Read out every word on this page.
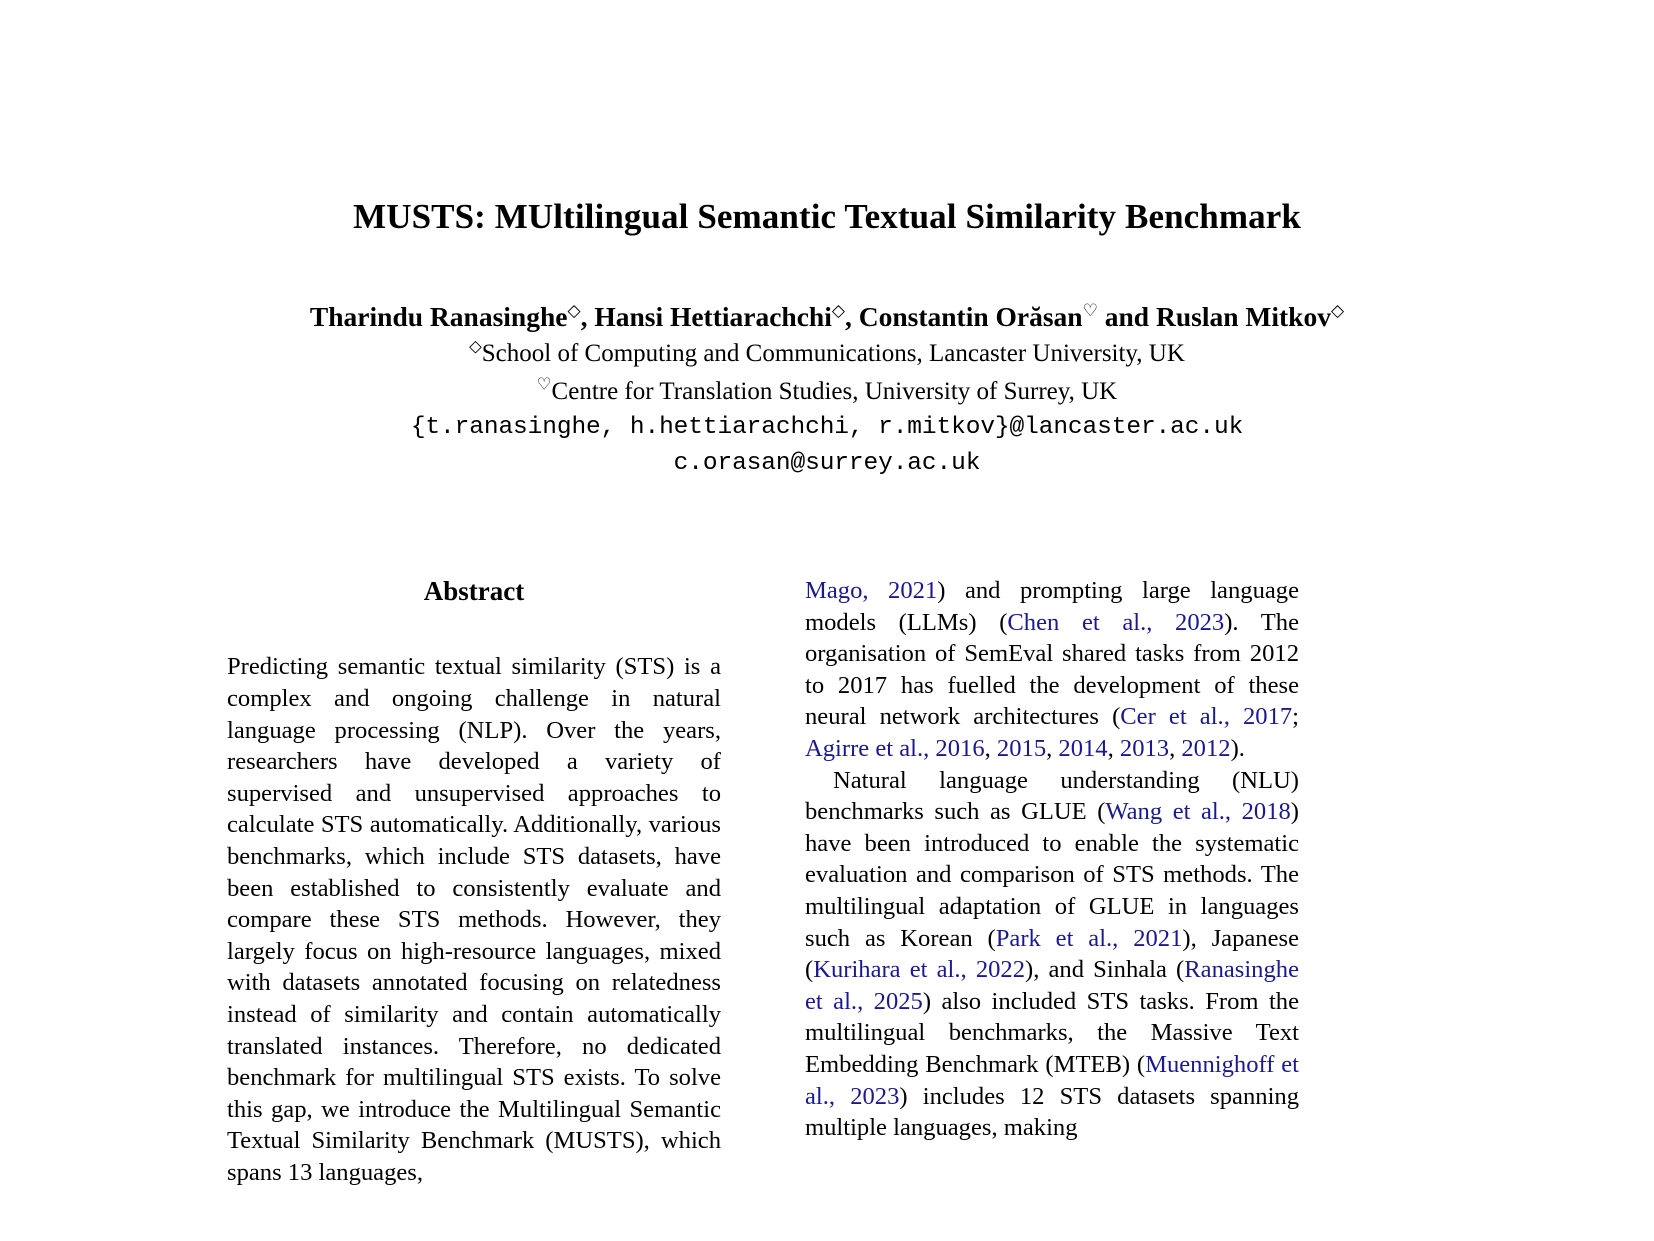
MUSTS: MUltilingual Semantic Textual Similarity Benchmark

Tharindu Ranasinghe◇, Hansi Hettiarachchi◇, Constantin Orăsan♡ and Ruslan Mitkov◇

◇School of Computing and Communications, Lancaster University, UK

♡Centre for Translation Studies, University of Surrey, UK

{t.ranasinghe, h.hettiarachchi, r.mitkov}@lancaster.ac.uk

c.orasan@surrey.ac.uk

Abstract

Predicting semantic textual similarity (STS) is a complex and ongoing challenge in natural language processing (NLP). Over the years, researchers have developed a variety of supervised and unsupervised approaches to calculate STS automatically. Additionally, various benchmarks, which include STS datasets, have been established to consistently evaluate and compare these STS methods. However, they largely focus on high-resource languages, mixed with datasets annotated focusing on relatedness instead of similarity and contain automatically translated instances. Therefore, no dedicated benchmark for multilingual STS exists. To solve this gap, we introduce the Multilingual Semantic Textual Similarity Benchmark (MUSTS), which spans 13 languages,

Mago, 2021) and prompting large language models (LLMs) (Chen et al., 2023). The organisation of SemEval shared tasks from 2012 to 2017 has fuelled the development of these neural network architectures (Cer et al., 2017; Agirre et al., 2016, 2015, 2014, 2013, 2012).

Natural language understanding (NLU) benchmarks such as GLUE (Wang et al., 2018) have been introduced to enable the systematic evaluation and comparison of STS methods. The multilingual adaptation of GLUE in languages such as Korean (Park et al., 2021), Japanese (Kurihara et al., 2022), and Sinhala (Ranasinghe et al., 2025) also included STS tasks. From the multilingual benchmarks, the Massive Text Embedding Benchmark (MTEB) (Muennighoff et al., 2023) includes 12 STS datasets spanning multiple languages, making
